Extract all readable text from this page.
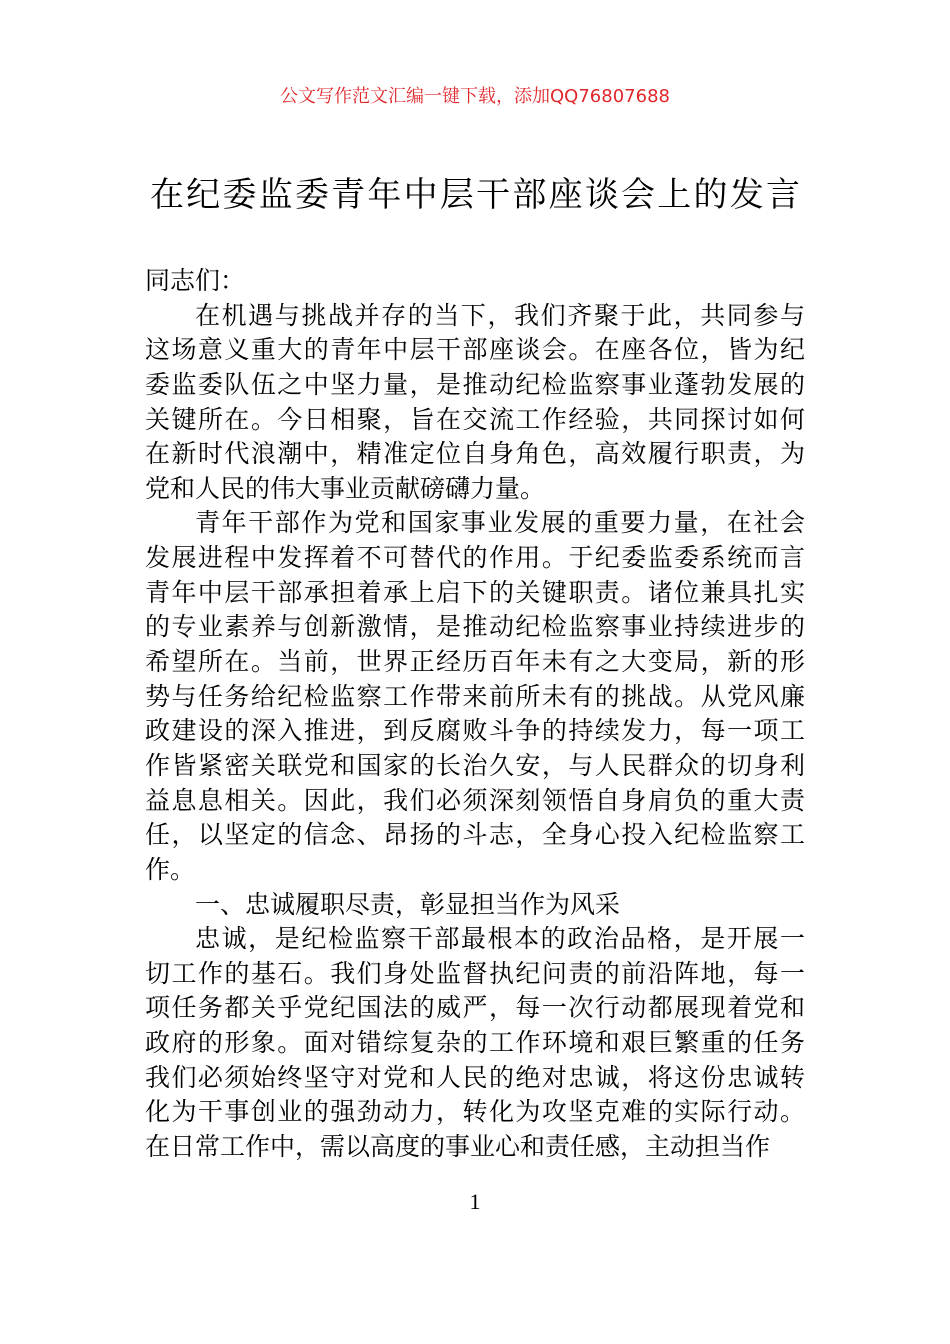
公文写作范文汇编一键下载，添加QQ76807688
在纪委监委青年中层干部座谈会上的发言
同志们：
在机遇与挑战并存的当下，我们齐聚于此，共同参与
这场意义重大的青年中层干部座谈会。在座各位，皆为纪
委监委队伍之中坚力量，是推动纪检监察事业蓬勃发展的
关键所在。今日相聚，旨在交流工作经验，共同探讨如何
在新时代浪潮中，精准定位自身角色，高效履行职责，为
党和人民的伟大事业贡献磅礴力量。
青年干部作为党和国家事业发展的重要力量，在社会
发展进程中发挥着不可替代的作用。于纪委监委系统而言
青年中层干部承担着承上启下的关键职责。诸位兼具扎实
的专业素养与创新激情，是推动纪检监察事业持续进步的
希望所在。当前，世界正经历百年未有之大变局，新的形
势与任务给纪检监察工作带来前所未有的挑战。从党风廉
政建设的深入推进，到反腐败斗争的持续发力，每一项工
作皆紧密关联党和国家的长治久安，与人民群众的切身利
益息息相关。因此，我们必须深刻领悟自身肩负的重大责
任，以坚定的信念、昂扬的斗志，全身心投入纪检监察工
作。
一、忠诚履职尽责，彰显担当作为风采
忠诚，是纪检监察干部最根本的政治品格，是开展一
切工作的基石。我们身处监督执纪问责的前沿阵地，每一
项任务都关乎党纪国法的威严，每一次行动都展现着党和
政府的形象。面对错综复杂的工作环境和艰巨繁重的任务
我们必须始终坚守对党和人民的绝对忠诚，将这份忠诚转
化为干事创业的强劲动力，转化为攻坚克难的实际行动。
在日常工作中，需以高度的事业心和责任感，主动担当作
1
